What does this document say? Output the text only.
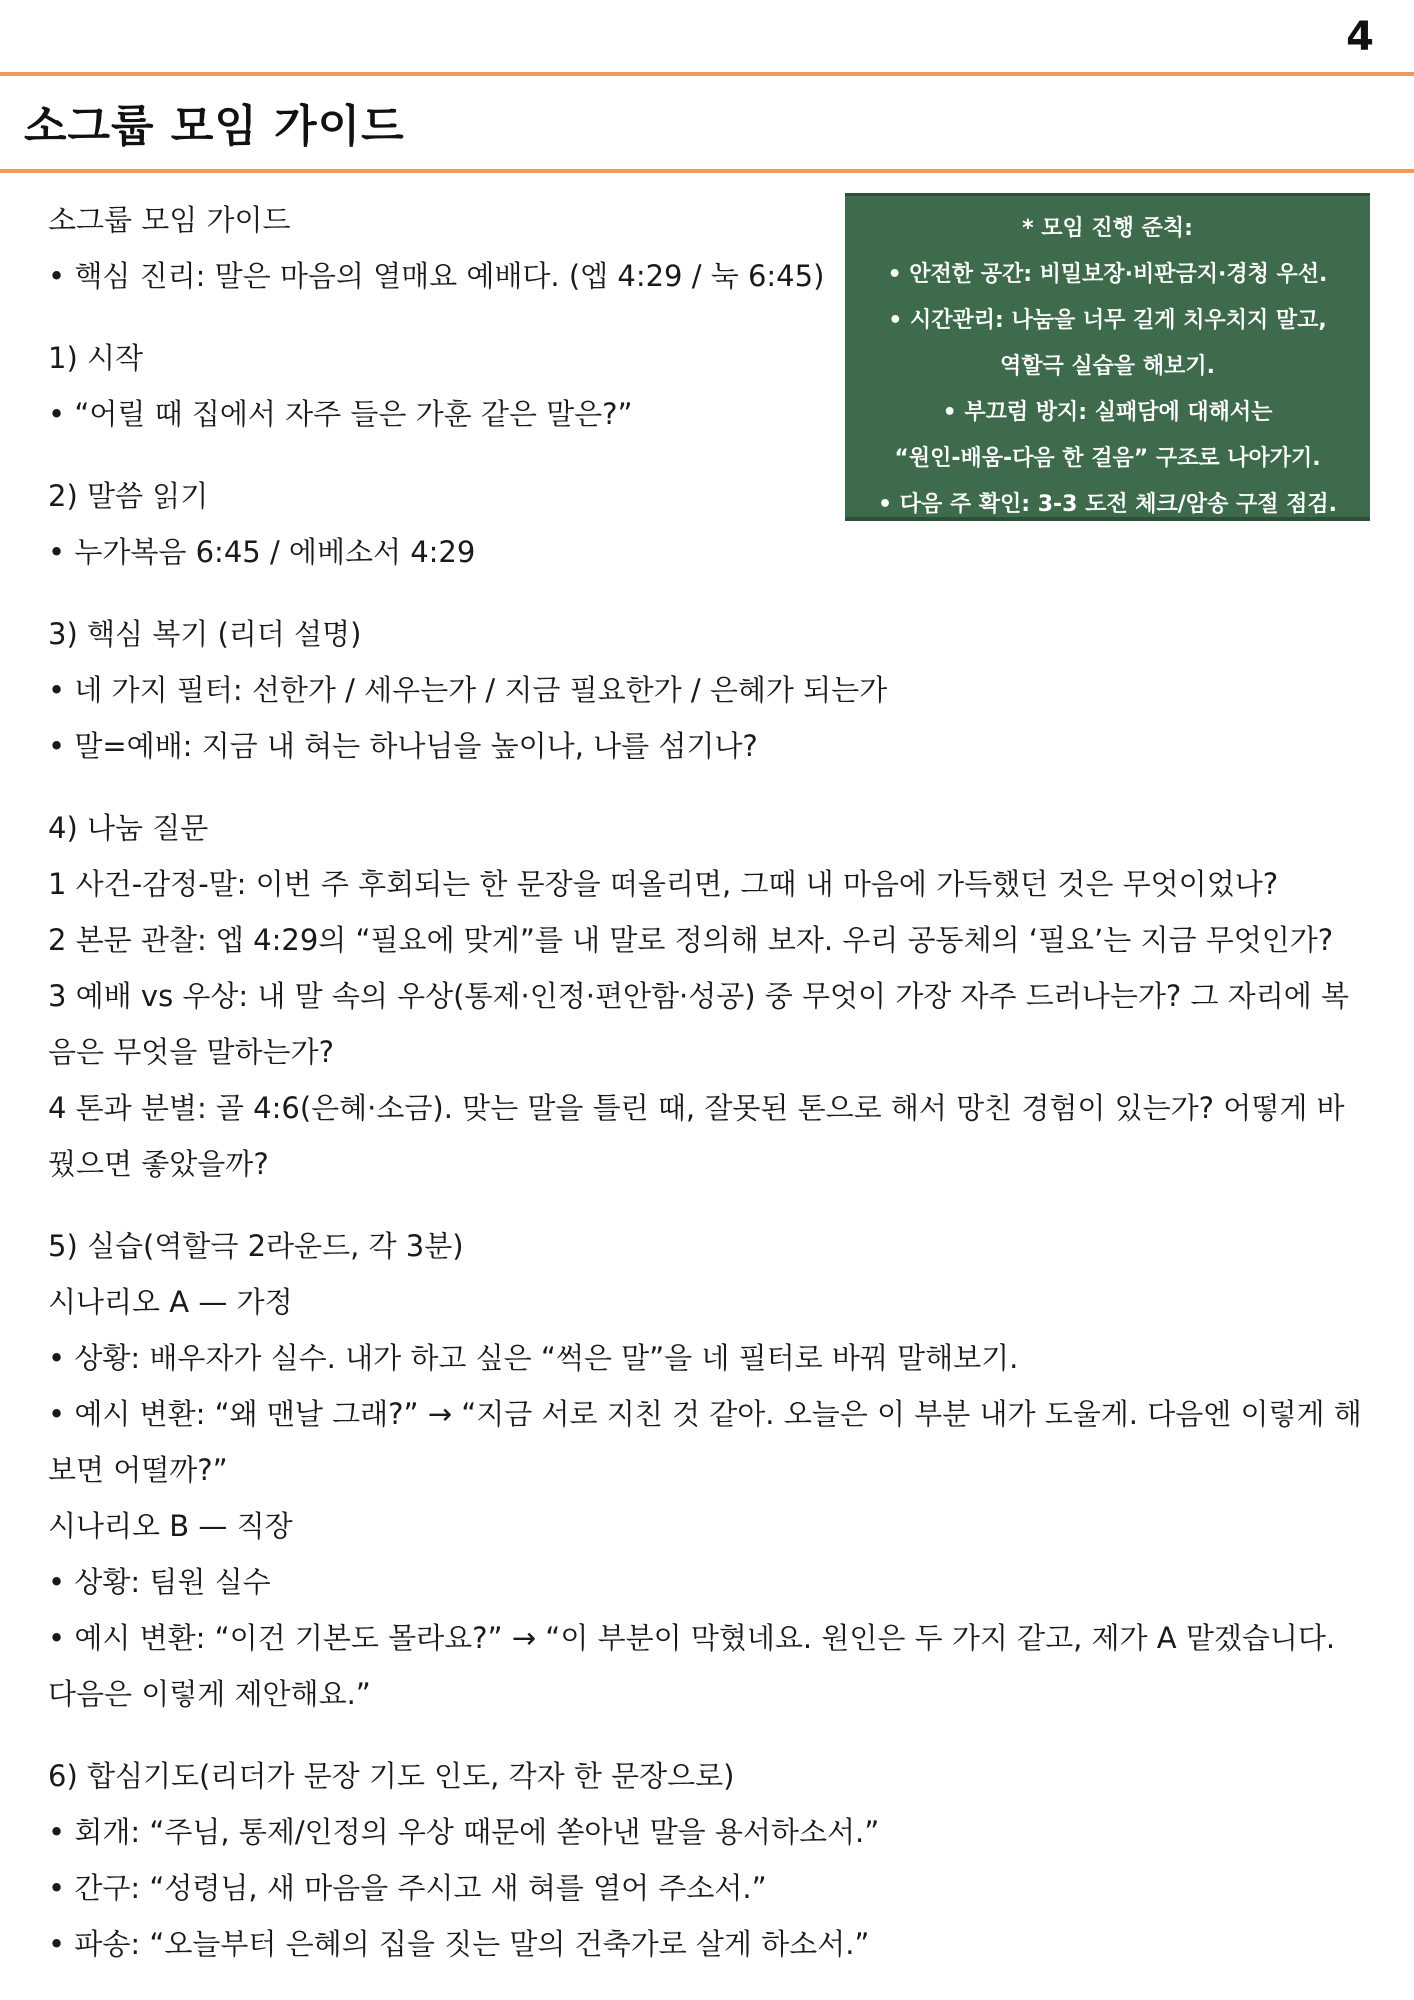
4
소그룹 모임 가이드
* 모임 진행 준칙:
• 안전한 공간: 비밀보장·비판금지·경청 우선.
• 시간관리: 나눔을 너무 길게 치우치지 말고,
역할극 실습을 해보기.
• 부끄럼 방지: 실패담에 대해서는
“원인-배움-다음 한 걸음” 구조로 나아가기.
• 다음 주 확인: 3-3 도전 체크/암송 구절 점검.

소그룹 모임 가이드

• 핵심 진리: 말은 마음의 열매요 예배다. (엡 4:29 / 눅 6:45)

1) 시작

• “어릴 때 집에서 자주 들은 가훈 같은 말은?”

2) 말씀 읽기

• 누가복음 6:45 / 에베소서 4:29

3) 핵심 복기 (리더 설명)

• 네 가지 필터: 선한가 / 세우는가 / 지금 필요한가 / 은혜가 되는가

• 말=예배: 지금 내 혀는 하나님을 높이나, 나를 섬기나?

4) 나눔 질문

1 사건-감정-말: 이번 주 후회되는 한 문장을 떠올리면, 그때 내 마음에 가득했던 것은 무엇이었나?

2 본문 관찰: 엡 4:29의 “필요에 맞게”를 내 말로 정의해 보자. 우리 공동체의 ‘필요’는 지금 무엇인가?

3 예배 vs 우상: 내 말 속의 우상(통제·인정·편안함·성공) 중 무엇이 가장 자주 드러나는가? 그 자리에 복음은 무엇을 말하는가?

4 톤과 분별: 골 4:6(은혜·소금). 맞는 말을 틀린 때, 잘못된 톤으로 해서 망친 경험이 있는가? 어떻게 바꿨으면 좋았을까?

5) 실습(역할극 2라운드, 각 3분)

시나리오 A — 가정

• 상황: 배우자가 실수. 내가 하고 싶은 “썩은 말”을 네 필터로 바꿔 말해보기.

• 예시 변환: “왜 맨날 그래?” → “지금 서로 지친 것 같아. 오늘은 이 부분 내가 도울게. 다음엔 이렇게 해보면 어떨까?”

시나리오 B — 직장

• 상황: 팀원 실수

• 예시 변환: “이건 기본도 몰라요?” → “이 부분이 막혔네요. 원인은 두 가지 같고, 제가 A 맡겠습니다. 다음은 이렇게 제안해요.”

6) 합심기도(리더가 문장 기도 인도, 각자 한 문장으로)

• 회개: “주님, 통제/인정의 우상 때문에 쏟아낸 말을 용서하소서.”

• 간구: “성령님, 새 마음을 주시고 새 혀를 열어 주소서.”

• 파송: “오늘부터 은혜의 집을 짓는 말의 건축가로 살게 하소서.”
